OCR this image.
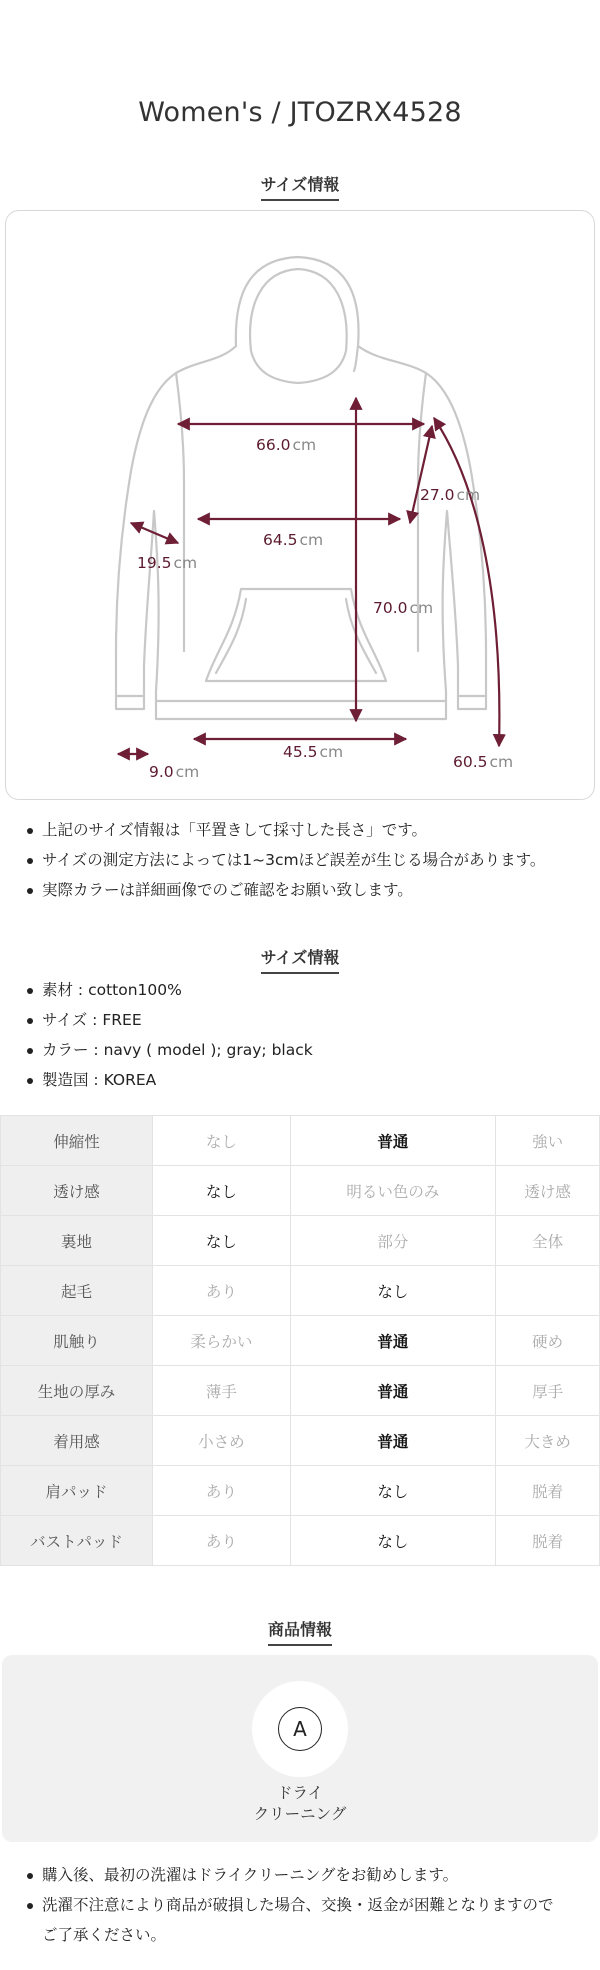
Women's / JTOZRX4528
サイズ情報
66.0 cm
27.0 cm
64.5 cm
19.5 cm
70.0 cm
45.5 cm
9.0 cm
60.5 cm
上記のサイズ情報は「平置きして採寸した長さ」です。
サイズの測定方法によっては1~3cmほど誤差が生じる場合があります。
実際カラーは詳細画像でのご確認をお願い致します。
サイズ情報
素材 : cotton100%
サイズ : FREE
カラー : navy ( model ); gray; black
製造国 : KOREA
伸縮性	なし	普通	強い
透け感	なし	明るい色のみ	透け感
裏地	なし	部分	全体
起毛	あり	なし	
肌触り	柔らかい	普通	硬め
生地の厚み	薄手	普通	厚手
着用感	小さめ	普通	大きめ
肩パッド	あり	なし	脱着
バストパッド	あり	なし	脱着
商品情報
A
ドライ
クリーニング
購入後、最初の洗濯はドライクリーニングをお勧めします。
洗濯不注意により商品が破損した場合、交換・返金が困難となりますので
ご了承ください。
